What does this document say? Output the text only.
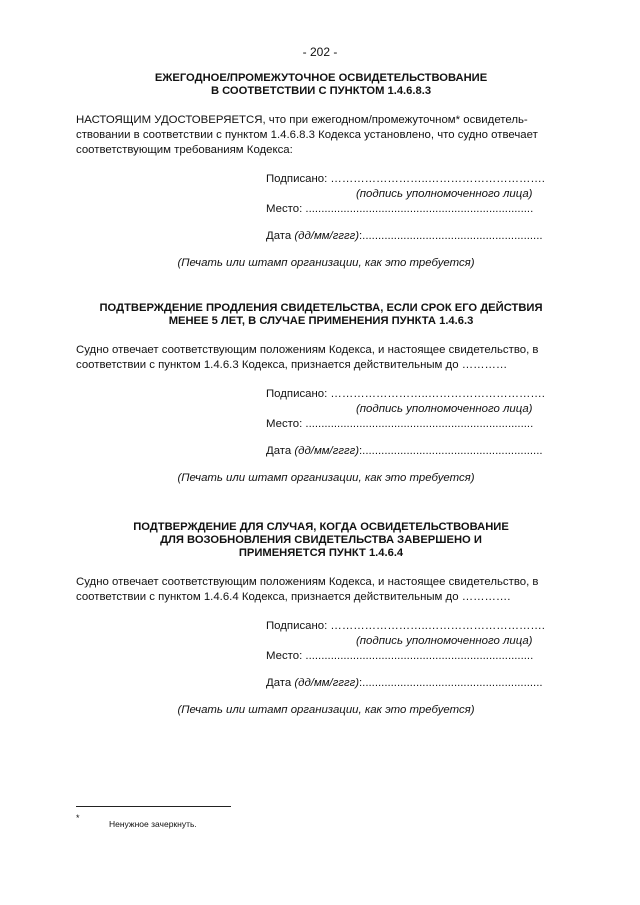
- 202 -

ЕЖЕГОДНОЕ/ПРОМЕЖУТОЧНОЕ ОСВИДЕТЕЛЬСТВОВАНИЕ
В СООТВЕТСТВИИ С ПУНКТОМ 1.4.6.8.3

НАСТОЯЩИМ УДОСТОВЕРЯЕТСЯ, что при ежегодном/промежуточном* освидетель-
ствовании в соответствии с пунктом 1.4.6.8.3 Кодекса установлено, что судно отвечает
соответствующим требованиям Кодекса:

Подписано: ……………………..………………………….
(подпись уполномоченного лица)
Место: ........................................................................
Дата (дд/мм/гггг):.........................................................
(Печать или штамп организации, как это требуется)

ПОДТВЕРЖДЕНИЕ ПРОДЛЕНИЯ СВИДЕТЕЛЬСТВА, ЕСЛИ СРОК ЕГО ДЕЙСТВИЯ
МЕНЕЕ 5 ЛЕТ, В СЛУЧАЕ ПРИМЕНЕНИЯ ПУНКТА 1.4.6.3

Судно отвечает соответствующим положениям Кодекса, и настоящее свидетельство, в
соответствии с пунктом 1.4.6.3 Кодекса, признается действительным до …………

Подписано: ……………………..………………………….
(подпись уполномоченного лица)
Место: ........................................................................
Дата (дд/мм/гггг):.........................................................
(Печать или штамп организации, как это требуется)

ПОДТВЕРЖДЕНИЕ ДЛЯ СЛУЧАЯ, КОГДА ОСВИДЕТЕЛЬСТВОВАНИЕ
ДЛЯ ВОЗОБНОВЛЕНИЯ СВИДЕТЕЛЬСТВА ЗАВЕРШЕНО И
ПРИМЕНЯЕТСЯ ПУНКТ 1.4.6.4

Судно отвечает соответствующим положениям Кодекса, и настоящее свидетельство, в
соответствии с пунктом 1.4.6.4 Кодекса, признается действительным до ………….

Подписано: ……………………..………………………….
(подпись уполномоченного лица)
Место: ........................................................................
Дата (дд/мм/гггг):.........................................................
(Печать или штамп организации, как это требуется)
*
Ненужное зачеркнуть.
